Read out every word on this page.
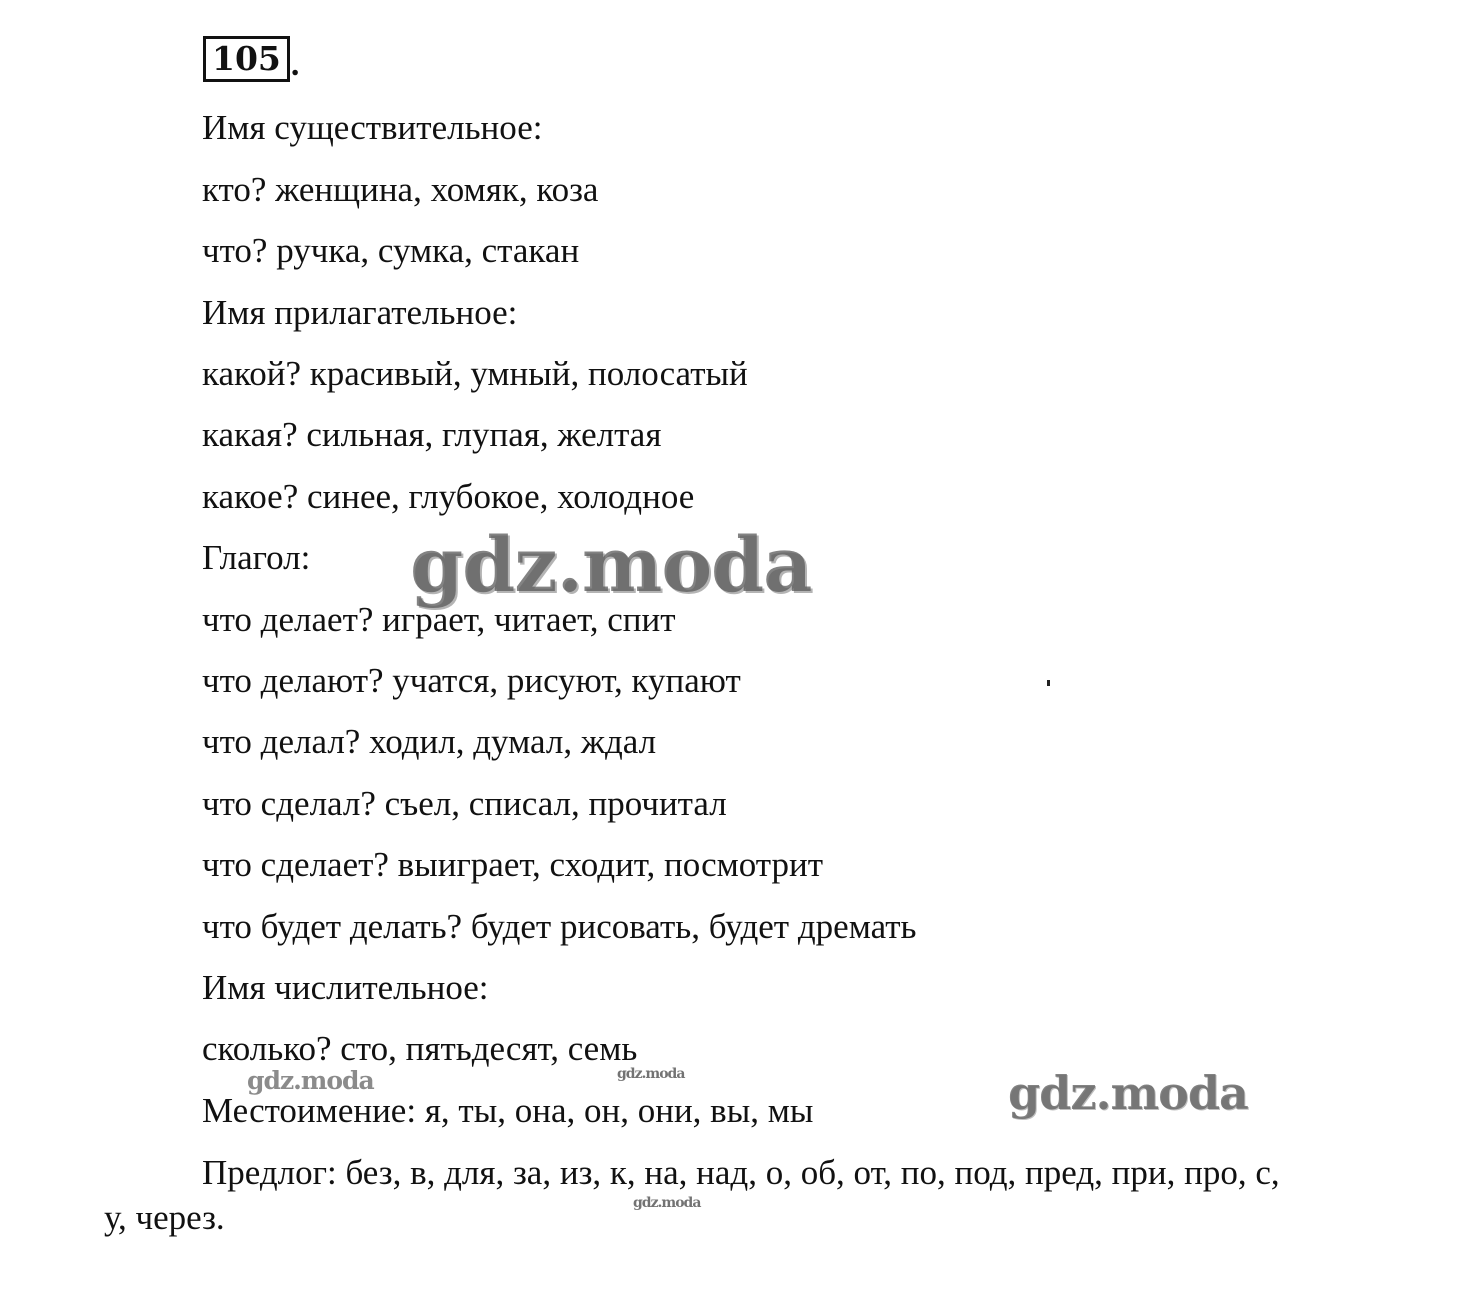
105 .
Имя существительное:
кто? женщина, хомяк, коза
что? ручка, сумка, стакан
Имя прилагательное:
какой? красивый, умный, полосатый
какая? сильная, глупая, желтая
какое? синее, глубокое, холодное
Глагол:
что делает? играет, читает, спит
что делают? учатся, рисуют, купают
что делал? ходил, думал, ждал
что сделал? съел, списал, прочитал
что сделает? выиграет, сходит, посмотрит
что будет делать? будет рисовать, будет дремать
Имя числительное:
сколько? сто, пятьдесят, семь
Местоимение: я, ты, она, он, они, вы, мы
Предлог: без, в, для, за, из, к, на, над, о, об, от, по, под, пред, при, про, с, у, через.
gdz.moda
gdz.moda
gdz.moda	gdz.moda
gdz.moda
